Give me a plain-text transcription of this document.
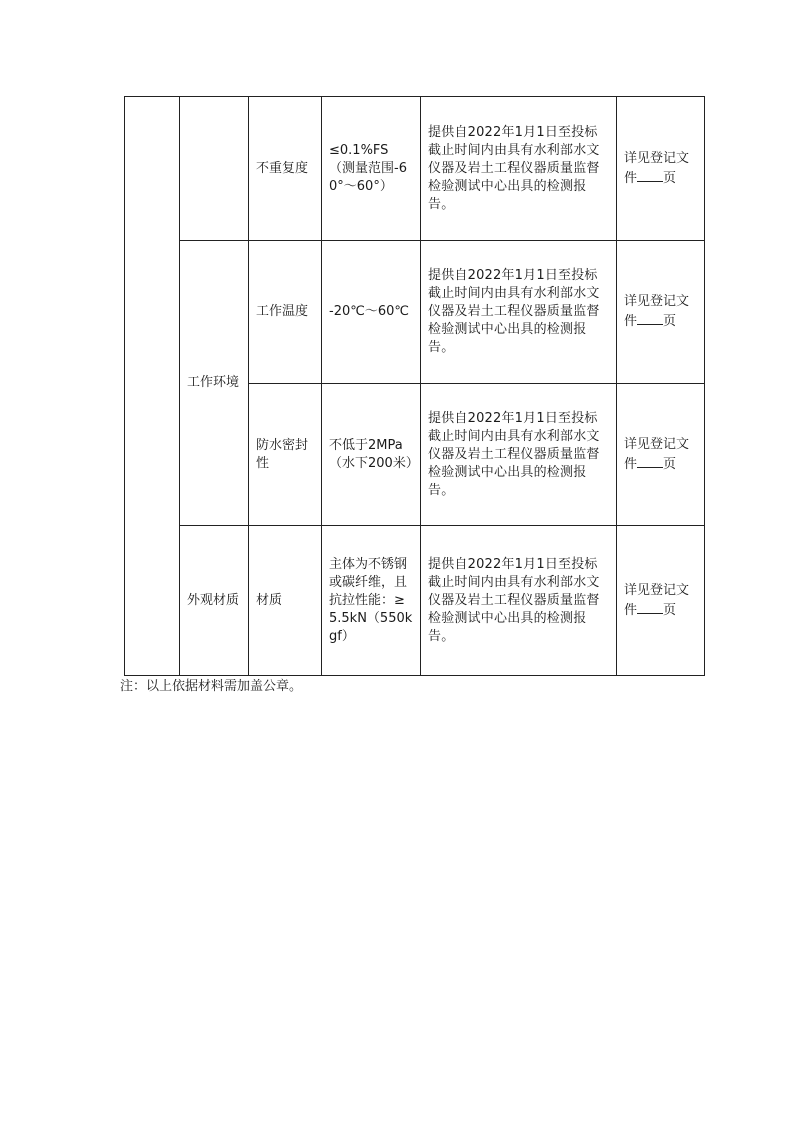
		不重复度	≤0.1%FS（测量范围-60°～60°）	提供自2022年1月1日至投标截止时间内由具有水利部水文仪器及岩土工程仪器质量监督检验测试中心出具的检测报告。	详见登记文件 页

	工作环境	工作温度	-20℃～60℃	提供自2022年1月1日至投标截止时间内由具有水利部水文仪器及岩土工程仪器质量监督检验测试中心出具的检测报告。	详见登记文件 页

		防水密封性	不低于2MPa（水下200米）	提供自2022年1月1日至投标截止时间内由具有水利部水文仪器及岩土工程仪器质量监督检验测试中心出具的检测报告。	详见登记文件 页

	外观材质	材质	主体为不锈钢或碳纤维，且抗拉性能：≥5.5kN（550kgf）	提供自2022年1月1日至投标截止时间内由具有水利部水文仪器及岩土工程仪器质量监督检验测试中心出具的检测报告。	详见登记文件 页
注：以上依据材料需加盖公章。
